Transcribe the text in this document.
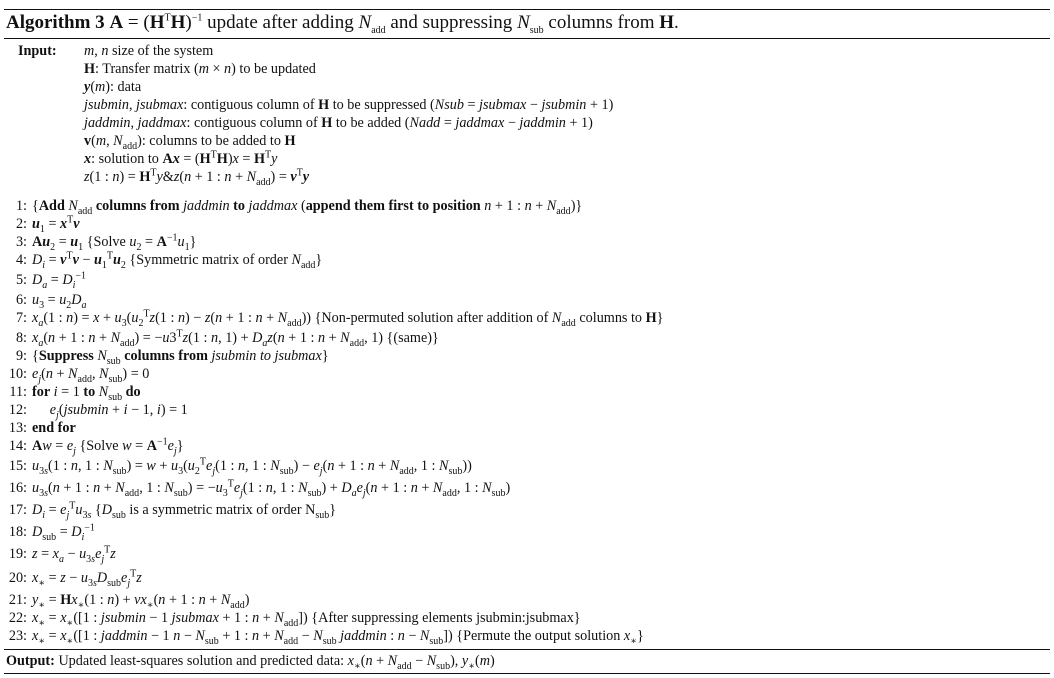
Algorithm 3 $A = (H^TH)^{-1}$ update after adding $N_{add}$ and suppressing $N_{sub}$ columns from H.
Input: m, n size of the system
H: Transfer matrix (m × n) to be updated
y(m): data
jsubmin, jsubmax: contiguous column of H to be suppressed (Nsub = jsubmax − jsubmin + 1)
jaddmin, jaddmax: contiguous column of H to be added (Nadd = jaddmax − jaddmin + 1)
v(m, $N_{add}$): columns to be added to H
x: solution to $Ax = (H^TH)x = H^Ty$
z(1 : $n) = H^Ty\&z(n + 1$ : $n + N_{add}) = v^Ty$
1: {Add $N_{add}$ columns from jaddmin to jaddmax (append them first to position n + 1 : $n + N_{add}$)}
2: $u_1 = x^Tv$
3: $Au_2 = u_1$ {Solve $u_2 = A^{-1}u_1$}
4: $D_i = v^Tv - u_1^Tu_2$ {Symmetric matrix of order $N_{add}$}
5: $D_a = D_i^{-1}$
6: $u_3 = u_2D_a$
7: $x_a(1$ : $n) = x + u_3(u_2^Tz(1$ : n) − z(n + 1 : $n + N_{add}$)) {Non-permuted solution after addition of $N_{add}$ columns to H}
8: $x_a(n + 1$ : $n + N_{add}) = -u3^Tz(1$ : n, $1) + D_az(n + 1$ : $n + N_{add}$, 1) {(same)}
9: {Suppress $N_{sub}$ columns from jsubmin to jsubmax}
10: $e_j(n + N_{add}$, $N_{sub}) = 0$
11: for i = 1 to $N_{sub}$ do
12:	$e_j(jsubmin + i - 1$, i) = 1
13: end for
14: $Aw = e_j$ {Solve $w = A^{-1}e_j$}
15: $u_{3s}(1$ : n, 1 : $N_{sub}) = w + u_3(u_2^Te_j(1$ : n, 1 : $N_{sub}) - e_j(n + 1$ : $n + N_{add}$, 1 : $N_{sub}$))
16: $u_{3s}(n + 1$ : $n + N_{add}$, 1 : $N_{sub}) = -u_3^Te_j(1$ : n, 1 : $N_{sub}) + D_ae_j(n + 1$ : $n + N_{add}$, 1 : $N_{sub}$)
17: $D_i = e_j^Tu_{3s}$ {$D_{sub}$ is a symmetric matrix of order $N_{sub}$}
18: $D_{sub} = D_i^{-1}$
19: $z = x_a - u_{3s}e_j^Tz$
20: $x_∗ = z - u_{3s}D_{sub}e_j^Tz$
21: $y_∗ = Hx_∗(1$ : $n) + vx_∗(n + 1$ : $n + N_{add}$)
22: $x_∗ = x_∗([1$ : jsubmin − 1 jsubmax + 1 : $n + N_{add}$]) {After suppressing elements jsubmin:jsubmax}
23: $x_∗ = x_∗([1$ : jaddmin − 1 $n - N_{sub} + 1$ : $n + N_{add} - N_{sub}$ jaddmin : $n - N_{sub}$]) {Permute the output solution $x_∗$}
Output: Updated least-squares solution and predicted data: $x_∗(n + N_{add} - N_{sub})$, $y_∗(m)$
